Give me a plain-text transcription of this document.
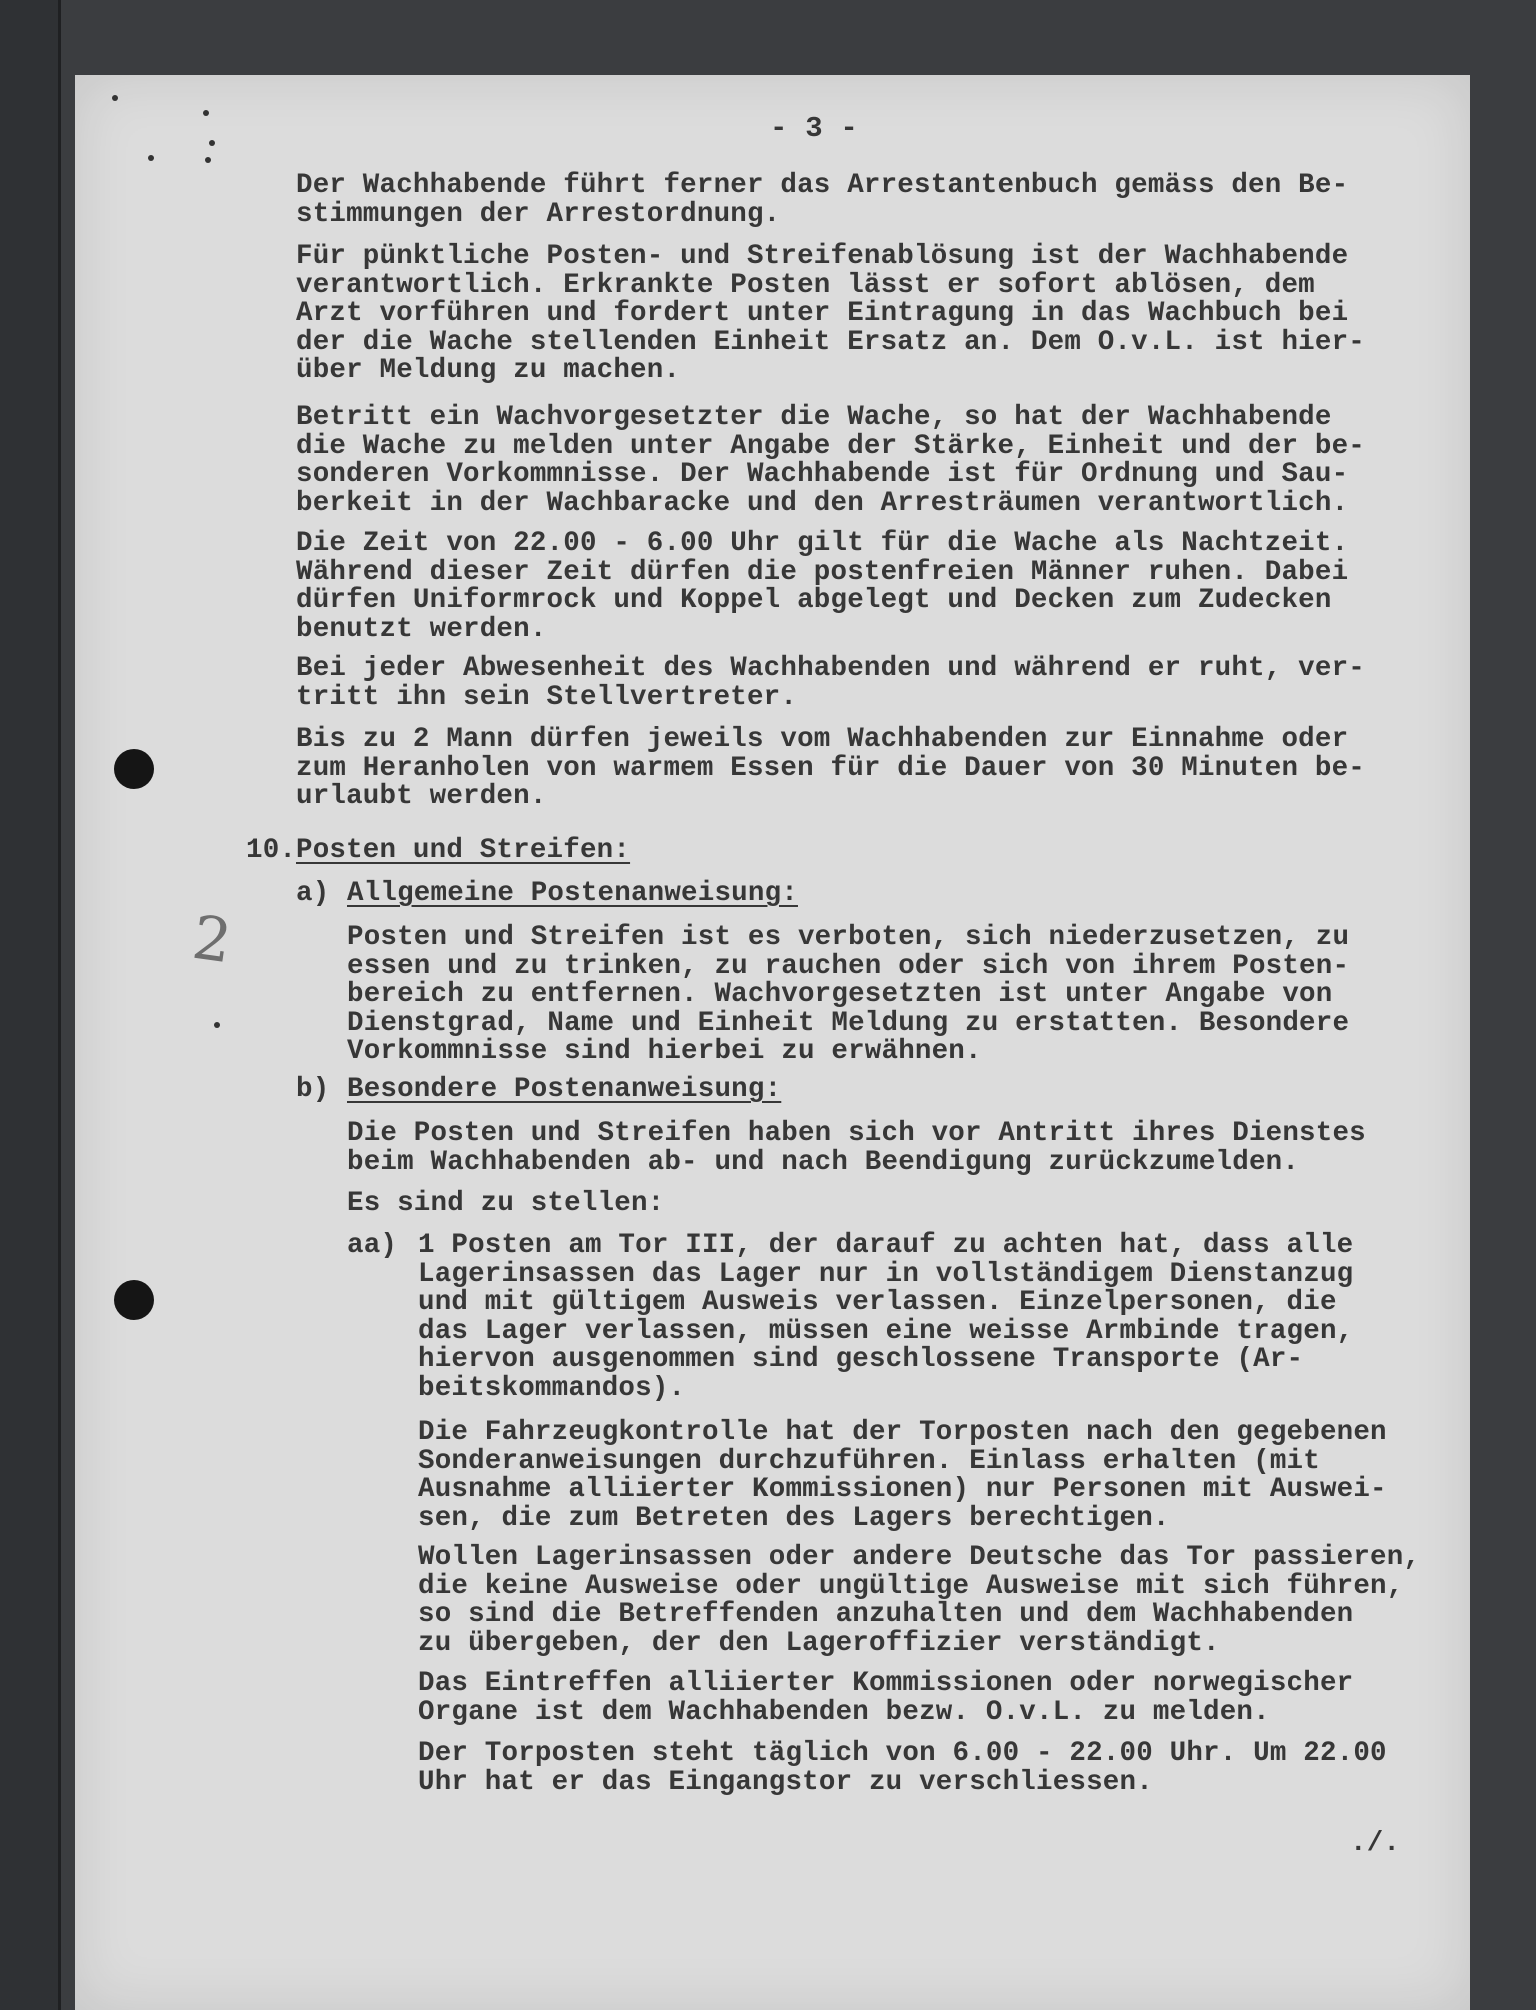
- 3 -
Der Wachhabende führt ferner das Arrestantenbuch gemäss den Be-
stimmungen der Arrestordnung.
Für pünktliche Posten- und Streifenablösung ist der Wachhabende
verantwortlich. Erkrankte Posten lässt er sofort ablösen, dem
Arzt vorführen und fordert unter Eintragung in das Wachbuch bei
der die Wache stellenden Einheit Ersatz an. Dem O.v.L. ist hier-
über Meldung zu machen.
Betritt ein Wachvorgesetzter die Wache, so hat der Wachhabende
die Wache zu melden unter Angabe der Stärke, Einheit und der be-
sonderen Vorkommnisse. Der Wachhabende ist für Ordnung und Sau-
berkeit in der Wachbaracke und den Arresträumen verantwortlich.
Die Zeit von 22.00 - 6.00 Uhr gilt für die Wache als Nachtzeit.
Während dieser Zeit dürfen die postenfreien Männer ruhen. Dabei
dürfen Uniformrock und Koppel abgelegt und Decken zum Zudecken
benutzt werden.
Bei jeder Abwesenheit des Wachhabenden und während er ruht, ver-
tritt ihn sein Stellvertreter.
Bis zu 2 Mann dürfen jeweils vom Wachhabenden zur Einnahme oder
zum Heranholen von warmem Essen für die Dauer von 30 Minuten be-
urlaubt werden.
10. Posten und Streifen:
a) Allgemeine Postenanweisung:
Posten und Streifen ist es verboten, sich niederzusetzen, zu
essen und zu trinken, zu rauchen oder sich von ihrem Posten-
bereich zu entfernen. Wachvorgesetzten ist unter Angabe von
Dienstgrad, Name und Einheit Meldung zu erstatten. Besondere
Vorkommnisse sind hierbei zu erwähnen.
2
b) Besondere Postenanweisung:
Die Posten und Streifen haben sich vor Antritt ihres Dienstes
beim Wachhabenden ab- und nach Beendigung zurückzumelden.
Es sind zu stellen:
aa) 1 Posten am Tor III, der darauf zu achten hat, dass alle
Lagerinsassen das Lager nur in vollständigem Dienstanzug
und mit gültigem Ausweis verlassen. Einzelpersonen, die
das Lager verlassen, müssen eine weisse Armbinde tragen,
hiervon ausgenommen sind geschlossene Transporte (Ar-
beitskommandos).
Die Fahrzeugkontrolle hat der Torposten nach den gegebenen
Sonderanweisungen durchzuführen. Einlass erhalten (mit
Ausnahme alliierter Kommissionen) nur Personen mit Auswei-
sen, die zum Betreten des Lagers berechtigen.
Wollen Lagerinsassen oder andere Deutsche das Tor passieren,
die keine Ausweise oder ungültige Ausweise mit sich führen,
so sind die Betreffenden anzuhalten und dem Wachhabenden
zu übergeben, der den Lageroffizier verständigt.
Das Eintreffen alliierter Kommissionen oder norwegischer
Organe ist dem Wachhabenden bezw. O.v.L. zu melden.
Der Torposten steht täglich von 6.00 - 22.00 Uhr. Um 22.00
Uhr hat er das Eingangstor zu verschliessen.
./.
